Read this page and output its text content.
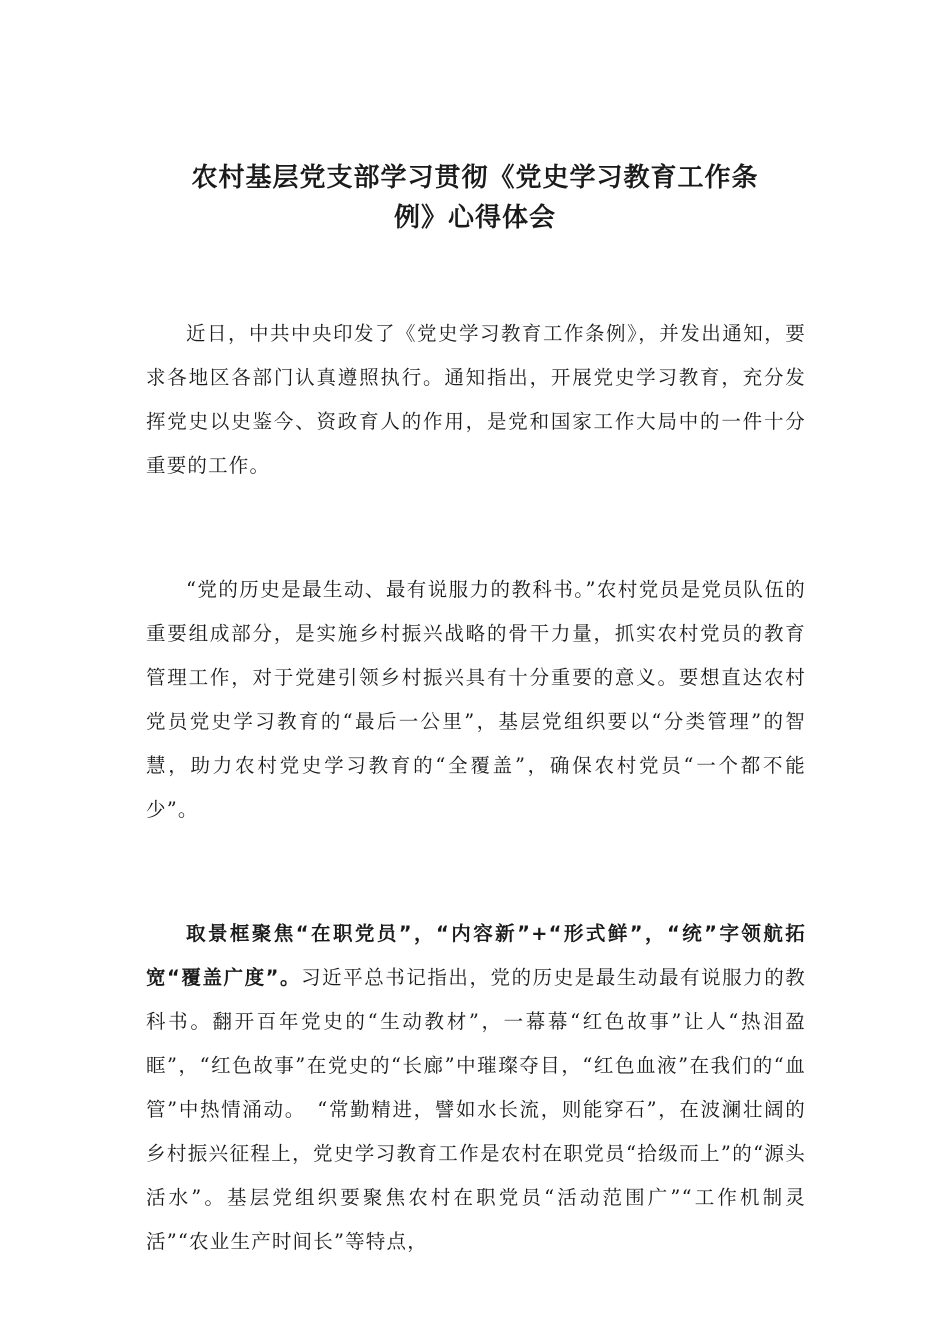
农村基层党支部学习贯彻《党史学习教育工作条
例》心得体会

近日，中共中央印发了《党史学习教育工作条例》，并发出通知，要求各地区各部门认真遵照执行。通知指出，开展党史学习教育，充分发挥党史以史鉴今、资政育人的作用，是党和国家工作大局中的一件十分重要的工作。

“党的历史是最生动、最有说服力的教科书。”农村党员是党员队伍的重要组成部分，是实施乡村振兴战略的骨干力量，抓实农村党员的教育管理工作，对于党建引领乡村振兴具有十分重要的意义。要想直达农村党员党史学习教育的“最后一公里”，基层党组织要以“分类管理”的智慧，助力农村党史学习教育的“全覆盖”，确保农村党员“一个都不能少”。

取景框聚焦“在职党员”，“内容新”+“形式鲜”，“统”字领航拓宽“覆盖广度”。习近平总书记指出，党的历史是最生动最有说服力的教科书。翻开百年党史的“生动教材”，一幕幕“红色故事”让人“热泪盈眶”，“红色故事”在党史的“长廊”中璀璨夺目，“红色血液”在我们的“血管”中热情涌动。　“常勤精进，譬如水长流，则能穿石”，在波澜壮阔的乡村振兴征程上，党史学习教育工作是农村在职党员“拾级而上”的“源头活水”。基层党组织要聚焦农村在职党员“活动范围广”“工作机制灵活”“农业生产时间长”等特点，
